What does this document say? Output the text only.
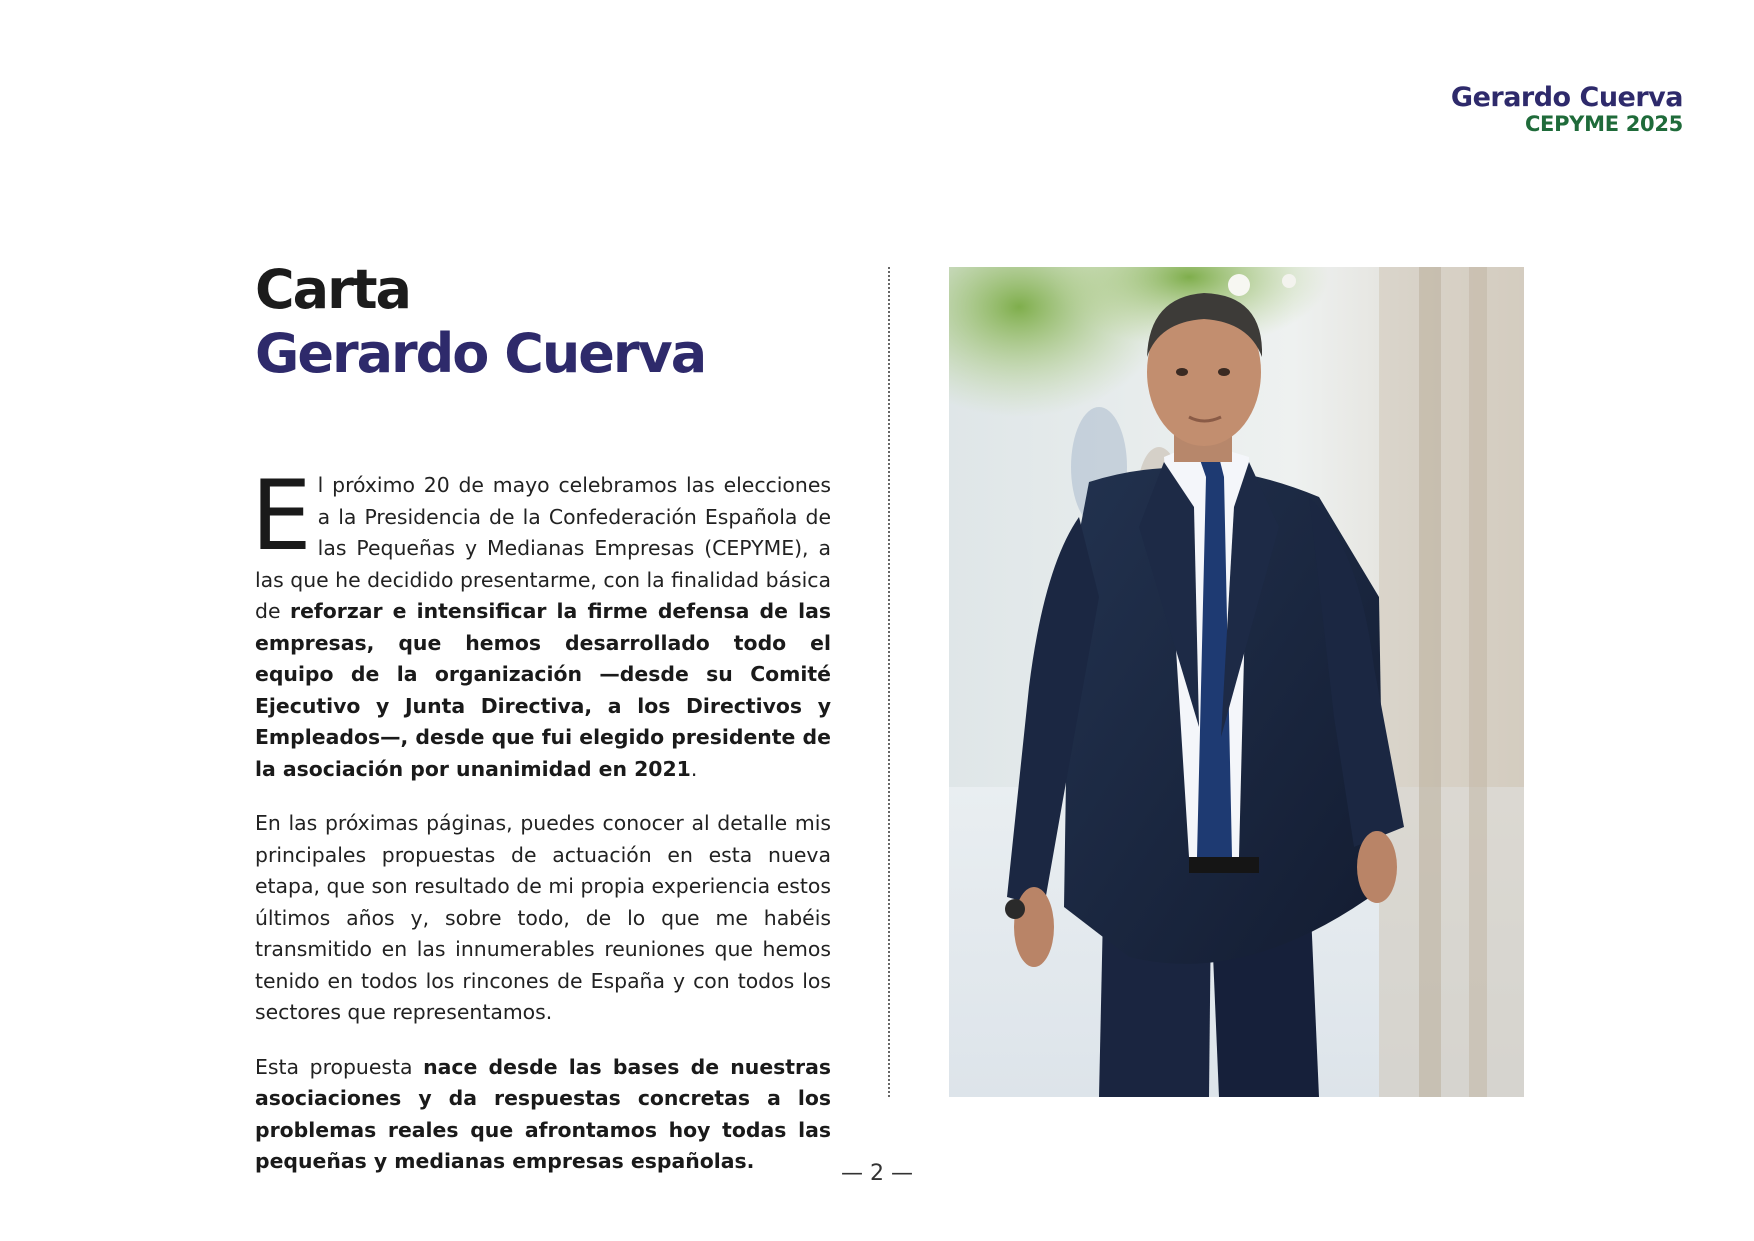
Gerardo Cuerva
CEPYME 2025
Carta
Gerardo Cuerva

El próximo 20 de mayo celebramos las elecciones a la Presidencia de la Confederación Española de las Pequeñas y Medianas Empresas (CEPYME), a las que he decidido presentarme, con la finalidad básica de reforzar e intensificar la firme defensa de las empresas, que hemos desarrollado todo el equipo de la organización —desde su Comité Ejecutivo y Junta Directiva, a los Directivos y Empleados—, desde que fui elegido presidente de la asociación por unanimidad en 2021.

En las próximas páginas, puedes conocer al detalle mis principales propuestas de actuación en esta nueva etapa, que son resultado de mi propia experiencia estos últimos años y, sobre todo, de lo que me habéis transmitido en las innumerables reuniones que hemos tenido en todos los rincones de España y con todos los sectores que representamos.

Esta propuesta nace desde las bases de nuestras asociaciones y da respuestas concretas a los problemas reales que afrontamos hoy todas las pequeñas y medianas empresas españolas.	— 2 —
